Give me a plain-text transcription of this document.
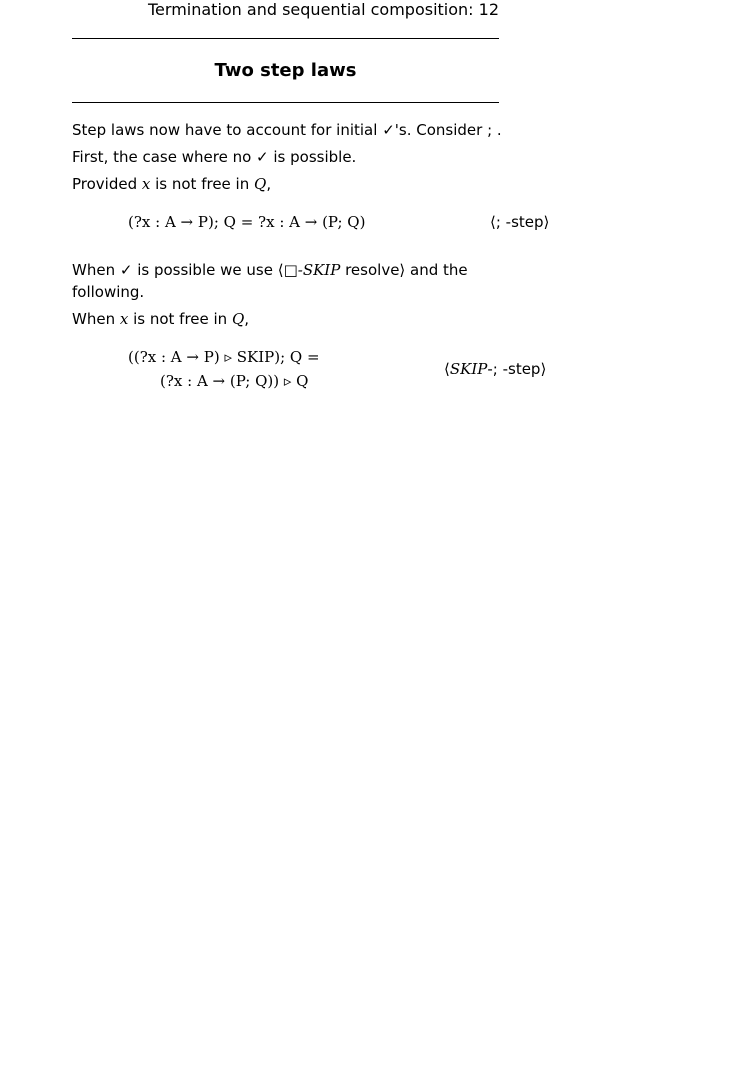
Termination and sequential composition: 12
Two step laws
Step laws now have to account for initial ✓'s. Consider ; .
First, the case where no ✓ is possible.
Provided x is not free in Q,
(?x : A → P); Q = ?x : A → (P; Q)	⟨; -step⟩
When ✓ is possible we use ⟨□-SKIP resolve⟩ and the
following.
When x is not free in Q,
((?x : A → P) ▹ SKIP); Q =
(?x : A → (P; Q)) ▹ Q
⟨SKIP-; -step⟩
